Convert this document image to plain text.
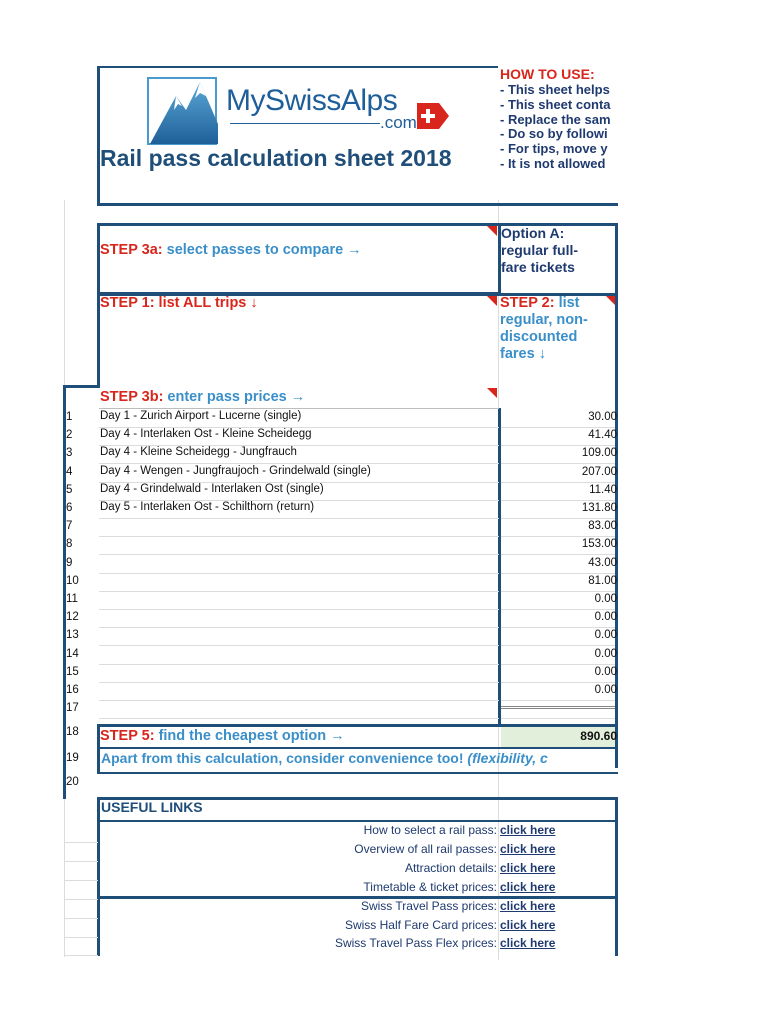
MySwissAlps
.com
Rail pass calculation sheet 2018
HOW TO USE:
- This sheet helps
- This sheet conta
- Replace the sam
- Do so by followi
- For tips, move y
- It is not allowed
STEP 3a: select passes to compare →
Option A:
regular full-
fare tickets
STEP 1: list ALL trips ↓	STEP 2: list
regular, non-
discounted
fares ↓
STEP 3b: enter pass prices →
1 Day 1 - Zurich Airport - Lucerne (single)	30.00
2 Day 4 - Interlaken Ost - Kleine Scheidegg	41.40
3 Day 4 - Kleine Scheidegg - Jungfrauch	109.00
4 Day 4 - Wengen - Jungfraujoch - Grindelwald (single)	207.00
5 Day 4 - Grindelwald - Interlaken Ost (single)	11.40
6 Day 5 - Interlaken Ost - Schilthorn (return)	131.80
7	83.00
8	153.00
9	43.00
10	81.00
11	0.00
12	0.00
13	0.00
14	0.00
15	0.00
16	0.00
17
18 STEP 5: find the cheapest option →	890.60
19 Apart from this calculation, consider convenience too! (flexibility, c
20
USEFUL LINKS
How to select a rail pass: click here
Overview of all rail passes: click here
Attraction details: click here
Timetable & ticket prices: click here
Swiss Travel Pass prices: click here
Swiss Half Fare Card prices: click here
Swiss Travel Pass Flex prices: click here
